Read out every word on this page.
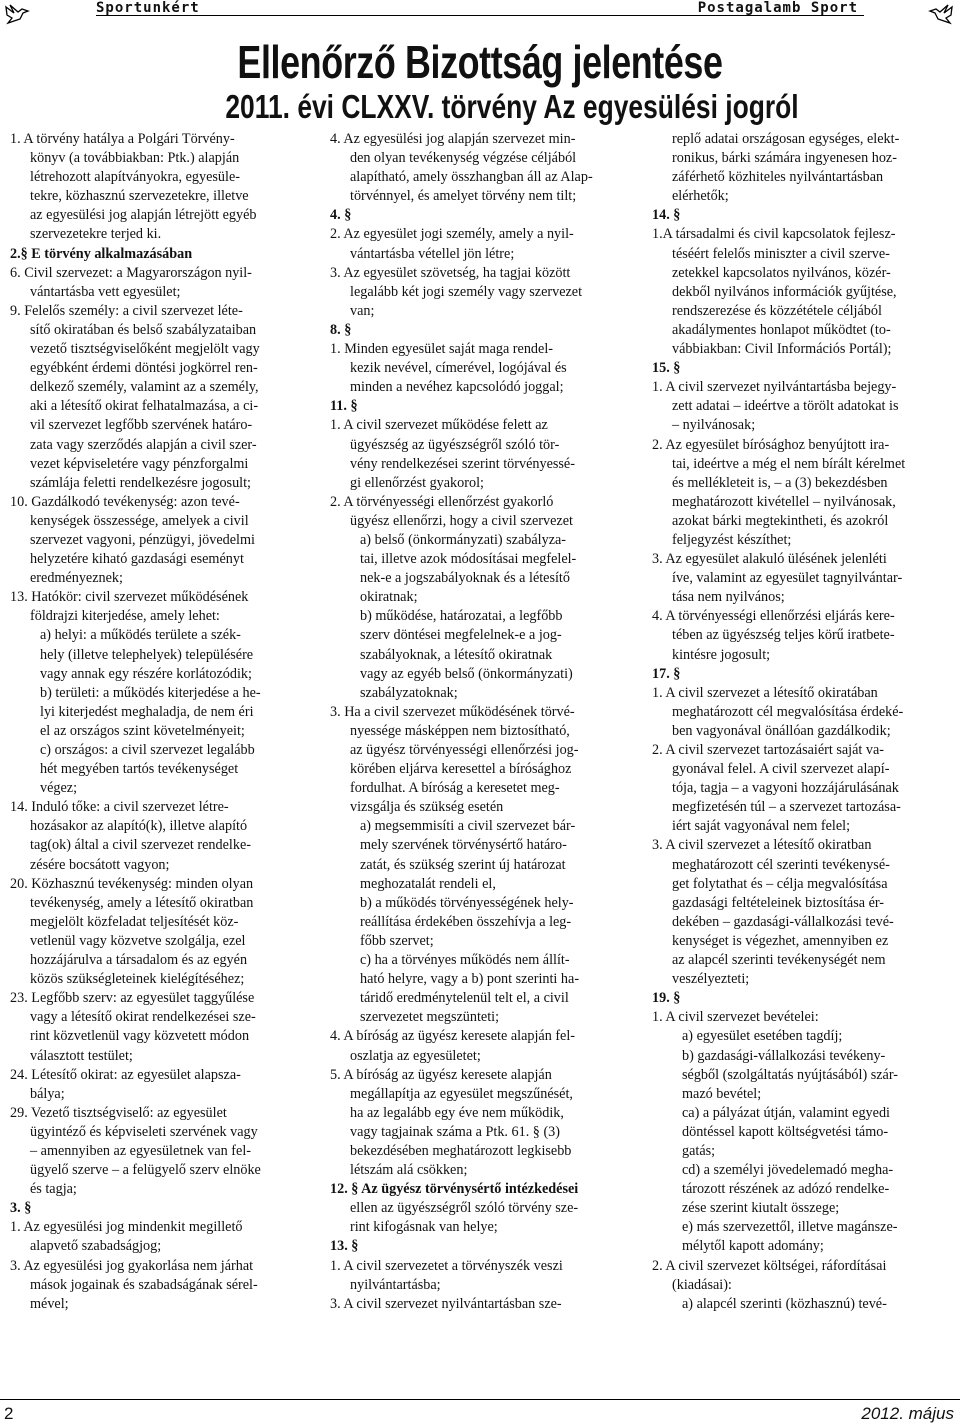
Sportunkért	Postagalamb Sport
Ellenőrző Bizottság jelentése
2011. évi CLXXV. törvény Az egyesülési jogról
1. A törvény hatálya a Polgári Törvény-
könyv (a továbbiakban: Ptk.) alapján
létrehozott alapítványokra, egyesüle-
tekre, közhasznú szervezetekre, illetve
az egyesülési jog alapján létrejött egyéb
szervezetekre terjed ki.
2.§ E törvény alkalmazásában
6. Civil szervezet: a Magyarországon nyil-
vántartásba vett egyesület;
9. Felelős személy: a civil szervezet léte-
sítő okiratában és belső szabályzataiban
vezető tisztségviselőként megjelölt vagy
egyébként érdemi döntési jogkörrel ren-
delkező személy, valamint az a személy,
aki a létesítő okirat felhatalmazása, a ci-
vil szervezet legfőbb szervének határo-
zata vagy szerződés alapján a civil szer-
vezet képviseletére vagy pénzforgalmi
számlája feletti rendelkezésre jogosult;
10. Gazdálkodó tevékenység: azon tevé-
kenységek összessége, amelyek a civil
szervezet vagyoni, pénzügyi, jövedelmi
helyzetére kiható gazdasági eseményt
eredményeznek;
13. Hatókör: civil szervezet működésének
földrajzi kiterjedése, amely lehet:
a) helyi: a működés területe a szék-
hely (illetve telephelyek) településére
vagy annak egy részére korlátozódik;
b) területi: a működés kiterjedése a he-
lyi kiterjedést meghaladja, de nem éri
el az országos szint követelményeit;
c) országos: a civil szervezet legalább
hét megyében tartós tevékenységet
végez;
14. Induló tőke: a civil szervezet létre-
hozásakor az alapító(k), illetve alapító
tag(ok) által a civil szervezet rendelke-
zésére bocsátott vagyon;
20. Közhasznú tevékenység: minden olyan
tevékenység, amely a létesítő okiratban
megjelölt közfeladat teljesítését köz-
vetlenül vagy közvetve szolgálja, ezel
hozzájárulva a társadalom és az egyén
közös szükségleteinek kielégítéséhez;
23. Legfőbb szerv: az egyesület taggyűlése
vagy a létesítő okirat rendelkezései sze-
rint közvetlenül vagy közvetett módon
választott testület;
24. Létesítő okirat: az egyesület alapsza-
bálya;
29. Vezető tisztségviselő: az egyesület
ügyintéző és képviseleti szervének vagy
– amennyiben az egyesületnek van fel-
ügyelő szerve – a felügyelő szerv elnöke
és tagja;
3. §
1. Az egyesülési jog mindenkit megillető
alapvető szabadságjog;
3. Az egyesülési jog gyakorlása nem járhat
mások jogainak és szabadságának sérel-
mével;
4. Az egyesülési jog alapján szervezet min-
den olyan tevékenység végzése céljából
alapítható, amely összhangban áll az Alap-
törvénnyel, és amelyet törvény nem tilt;
4. §
2. Az egyesület jogi személy, amely a nyil-
vántartásba vétellel jön létre;
3. Az egyesület szövetség, ha tagjai között
legalább két jogi személy vagy szervezet
van;
8. §
1. Minden egyesület saját maga rendel-
kezik nevével, címerével, logójával és
minden a nevéhez kapcsolódó joggal;
11. §
1. A civil szervezet működése felett az
ügyészség az ügyészségről szóló tör-
vény rendelkezései szerint törvényessé-
gi ellenőrzést gyakorol;
2. A törvényességi ellenőrzést gyakorló
ügyész ellenőrzi, hogy a civil szervezet
a) belső (önkormányzati) szabályza-
tai, illetve azok módosításai megfelel-
nek-e a jogszabályoknak és a létesítő
okiratnak;
b) működése, határozatai, a legfőbb
szerv döntései megfelelnek-e a jog-
szabályoknak, a létesítő okiratnak
vagy az egyéb belső (önkormányzati)
szabályzatoknak;
3. Ha a civil szervezet működésének törvé-
nyessége másképpen nem biztosítható,
az ügyész törvényességi ellenőrzési jog-
körében eljárva keresettel a bírósághoz
fordulhat. A bíróság a keresetet meg-
vizsgálja és szükség esetén
a) megsemmisíti a civil szervezet bár-
mely szervének törvénysértő határo-
zatát, és szükség szerint új határozat
meghozatalát rendeli el,
b) a működés törvényességének hely-
reállítása érdekében összehívja a leg-
főbb szervet;
c) ha a törvényes működés nem állít-
ható helyre, vagy a b) pont szerinti ha-
táridő eredménytelenül telt el, a civil
szervezetet megszünteti;
4. A bíróság az ügyész keresete alapján fel-
oszlatja az egyesületet;
5. A bíróság az ügyész keresete alapján
megállapítja az egyesület megszűnését,
ha az legalább egy éve nem működik,
vagy tagjainak száma a Ptk. 61. § (3)
bekezdésében meghatározott legkisebb
létszám alá csökken;
12. § Az ügyész törvénysértő intézkedései
ellen az ügyészségről szóló törvény sze-
rint kifogásnak van helye;
13. §
1. A civil szervezetet a törvényszék veszi
nyilvántartásba;
3. A civil szervezet nyilvántartásban sze-
replő adatai országosan egységes, elekt-
ronikus, bárki számára ingyenesen hoz-
záférhető közhiteles nyilvántartásban
elérhetők;
14. §
1.A társadalmi és civil kapcsolatok fejlesz-
téséért felelős miniszter a civil szerve-
zetekkel kapcsolatos nyilvános, közér-
dekből nyilvános információk gyűjtése,
rendszerezése és közzététele céljából
akadálymentes honlapot működtet (to-
vábbiakban: Civil Információs Portál);
15. §
1. A civil szervezet nyilvántartásba bejegy-
zett adatai – ideértve a törölt adatokat is
– nyilvánosak;
2. Az egyesület bírósághoz benyújtott ira-
tai, ideértve a még el nem bírált kérelmet
és mellékleteit is, – a (3) bekezdésben
meghatározott kivétellel – nyilvánosak,
azokat bárki megtekintheti, és azokról
feljegyzést készíthet;
3. Az egyesület alakuló ülésének jelenléti
íve, valamint az egyesület tagnyilvántar-
tása nem nyilvános;
4. A törvényességi ellenőrzési eljárás kere-
tében az ügyészség teljes körű iratbete-
kintésre jogosult;
17. §
1. A civil szervezet a létesítő okiratában
meghatározott cél megvalósítása érdeké-
ben vagyonával önállóan gazdálkodik;
2. A civil szervezet tartozásaiért saját va-
gyonával felel. A civil szervezet alapí-
tója, tagja – a vagyoni hozzájárulásának
megfizetésén túl – a szervezet tartozása-
iért saját vagyonával nem felel;
3. A civil szervezet a létesítő okiratban
meghatározott cél szerinti tevékenysé-
get folytathat és – célja megvalósítása
gazdasági feltételeinek biztosítása ér-
dekében – gazdasági-vállalkozási tevé-
kenységet is végezhet, amennyiben ez
az alapcél szerinti tevékenységét nem
veszélyezteti;
19. §
1. A civil szervezet bevételei:
a) egyesület esetében tagdíj;
b) gazdasági-vállalkozási tevékeny-
ségből (szolgáltatás nyújtásából) szár-
mazó bevétel;
ca) a pályázat útján, valamint egyedi
döntéssel kapott költségvetési támo-
gatás;
cd) a személyi jövedelemadó megha-
tározott részének az adózó rendelke-
zése szerint kiutalt összege;
e) más szervezettől, illetve magánsze-
mélytől kapott adomány;
2. A civil szervezet költségei, ráfordításai
(kiadásai):
a) alapcél szerinti (közhasznú) tevé-
2	2012. május
